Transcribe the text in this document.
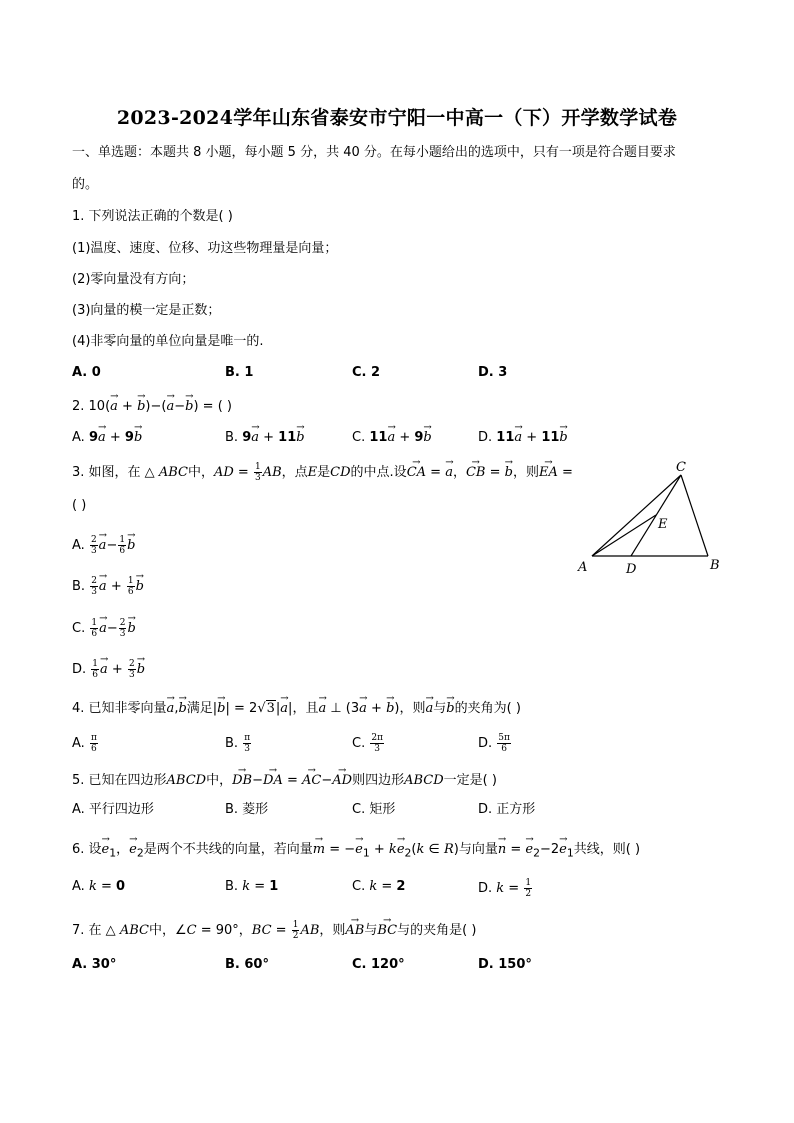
2023-2024学年山东省泰安市宁阳一中高一（下）开学数学试卷
一、单选题：本题共 8 小题，每小题 5 分，共 40 分。在每小题给出的选项中，只有一项是符合题目要求
的。
1. 下列说法正确的个数是( )
(1)温度、速度、位移、功这些物理量是向量；
(2)零向量没有方向；
(3)向量的模一定是正数；
(4)非零向量的单位向量是唯一的.
A. 0	B. 1	C. 2	D. 3
2. 10(→ a + → b)−(→ a−→ b) = ( )
A. 9→ a + 9→ b	B. 9→ a + 11→ b	C. 11→ a + 9→ b	D. 11→ a + 11→ b
3. 如图，在 △ ABC中，AD = $\frac{1}{3}$ AB，点E是CD的中点.设→ CA = → a，→ CB = → b，则→ EA =
( )
A. $\frac{2}{3}$
→ $a- \frac{1}{6}$
→ b
B. $\frac{2}{3}$
→ $a + \frac{1}{6}$
→ b
C. $\frac{1}{6}$
→ $a- \frac{2}{3}$
→ b
D. $\frac{1}{6}$
→ $a + \frac{2}{3}$
→ b
A	B
C
D
E
4. 已知非零向量→ a,→ b满足|→ b| = 2√3|→ a|，且→ a ⊥ (3→ a + → b)，则→ a与→ b的夹角为( )
A. $\frac{\pi}{6}$	B. $\frac{\pi}{3}$	C. $\frac{2\pi}{3}$	D. $\frac{5\pi}{6}$
5. 已知在四边形ABCD中，→ DB−→ DA = → AC−→ AD则四边形ABCD一定是( )
A. 平行四边形	B. 菱形	C. 矩形	D. 正方形
6. 设→ $e_1$，→ $e_2$是两个不共线的向量，若向量→ m = −→ $e_1 + k\to e_2(k$ ∈ R)与向量→ n = → $e_2-2\to e_1$共线，则( )
A. k = 0	B. k = 1	C. k = 2	D. $k = \frac{1}{2}$
7. 在 △ ABC中，∠C = 90°，BC = $\frac{1}{2}$ AB，则→ AB与→ BC与的夹角是( )
A. 30°	B. 60°	C. 120°	D. 150°
